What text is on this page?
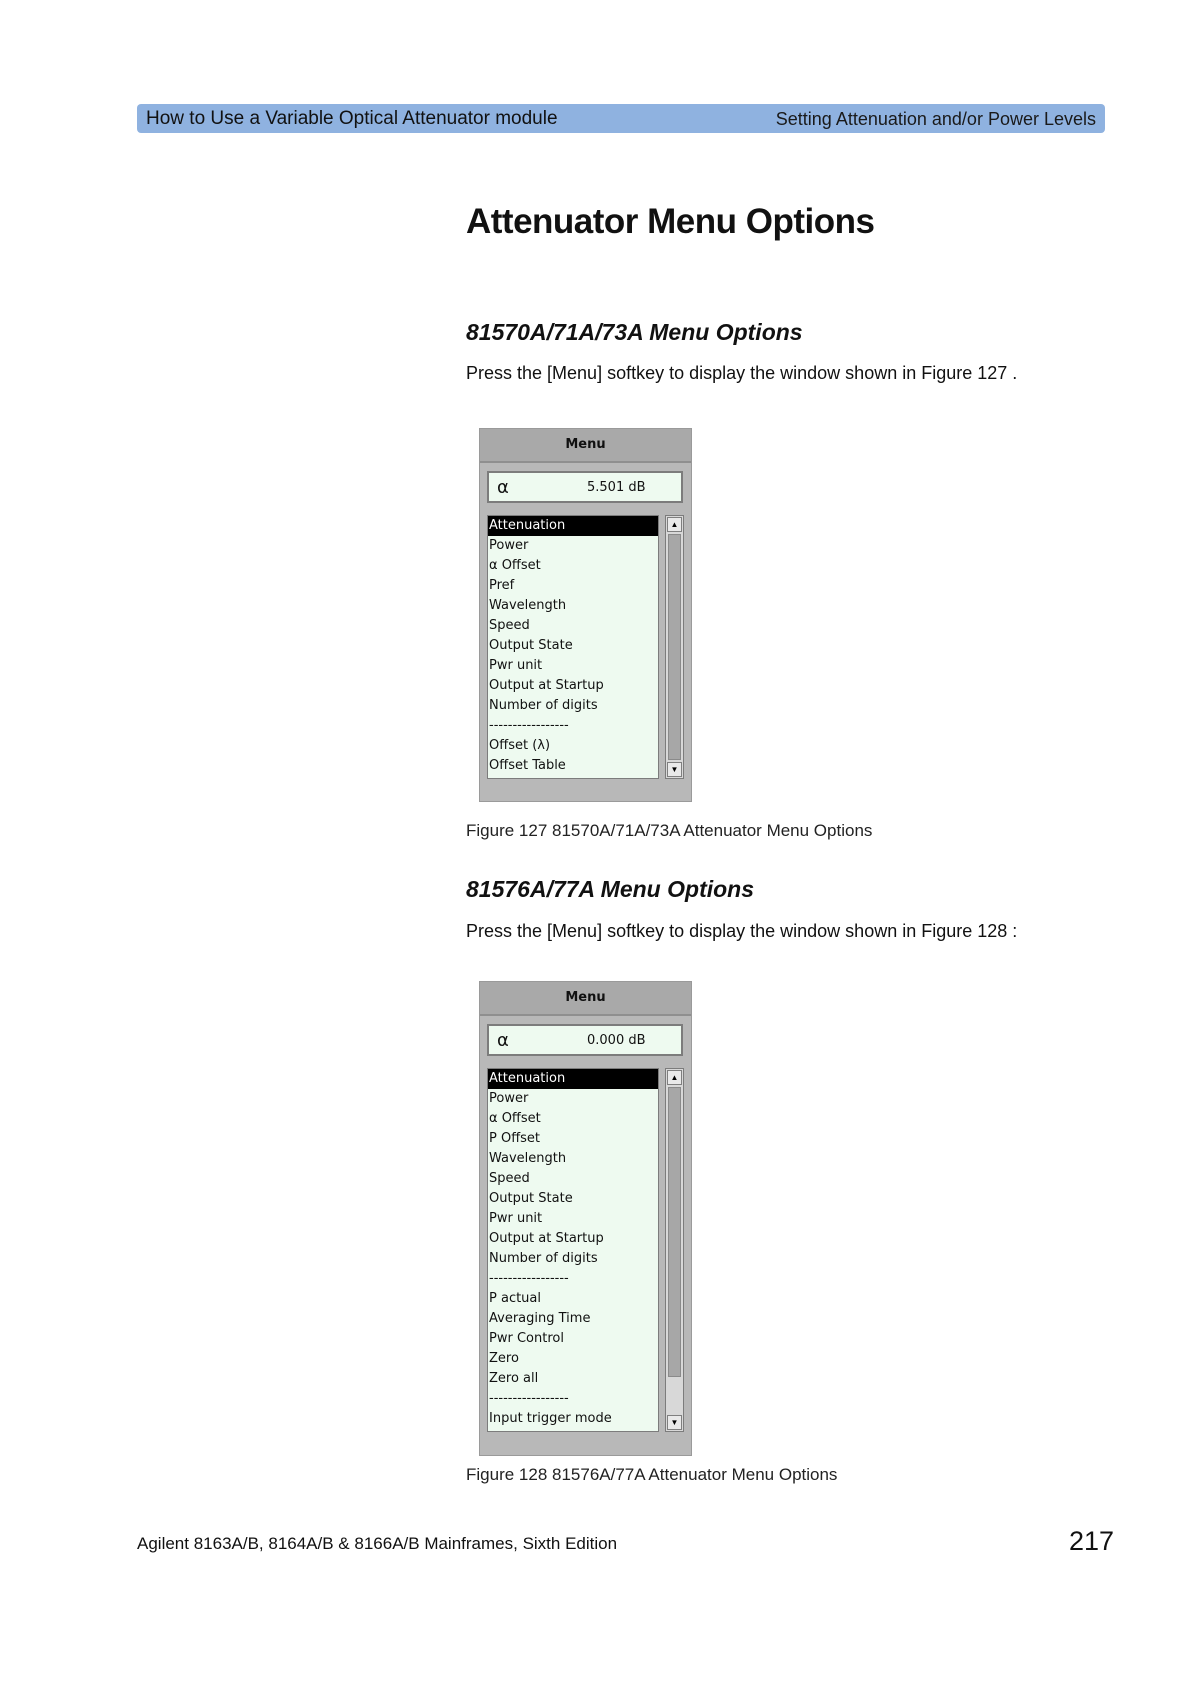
How to Use a Variable Optical Attenuator module	Setting Attenuation and/or Power Levels
Attenuator Menu Options
81570A/71A/73A Menu Options
Press the [Menu] softkey to display the window shown in Figure 127 .
Menu
α	5.501 dB
Attenuation
Power
α Offset
Pref
Wavelength
Speed
Output State
Pwr unit
Output at Startup
Number of digits
-----------------
Offset (λ)
Offset Table
▲
▼
Figure 127 81570A/71A/73A Attenuator Menu Options
81576A/77A Menu Options
Press the [Menu] softkey to display the window shown in Figure 128 :
Menu
α	0.000 dB
Attenuation
Power
α Offset
P Offset
Wavelength
Speed
Output State
Pwr unit
Output at Startup
Number of digits
-----------------
P actual
Averaging Time
Pwr Control
Zero
Zero all
-----------------
Input trigger mode
▲
▼
Figure 128 81576A/77A Attenuator Menu Options
Agilent 8163A/B, 8164A/B & 8166A/B Mainframes, Sixth Edition	217
